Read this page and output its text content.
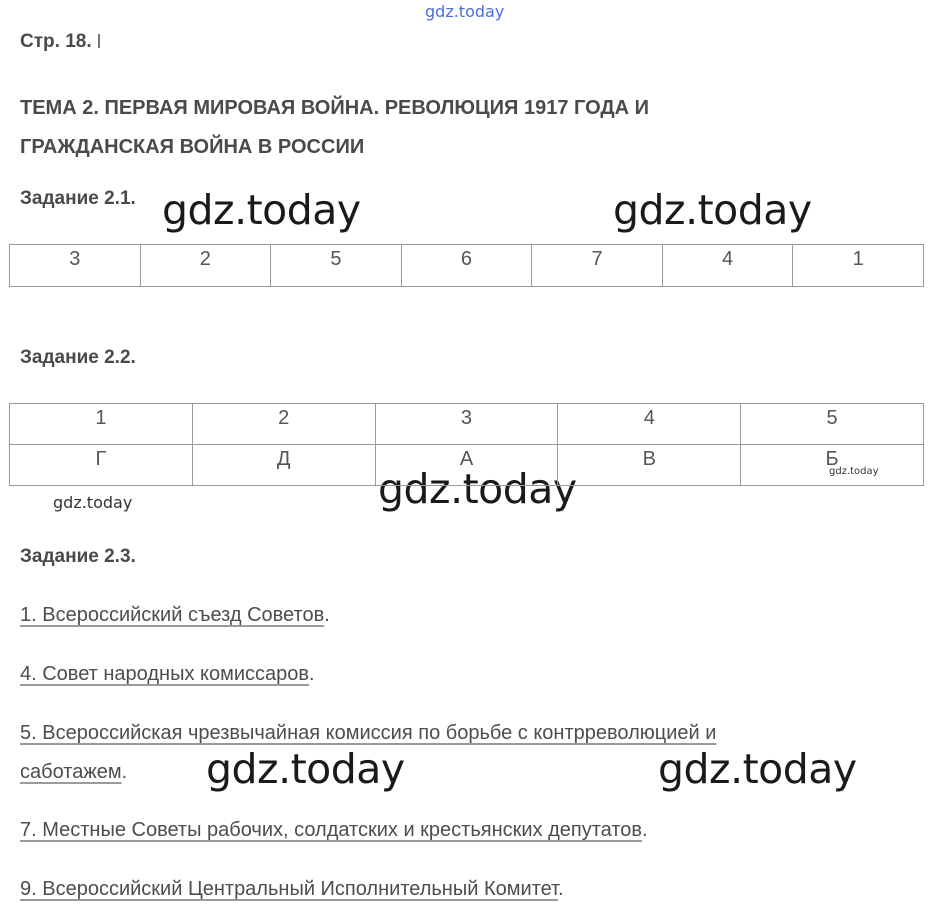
gdz.today
gdz.today	gdz.today
gdz.today
gdz.today
gdz.today
gdz.today	gdz.today
Стр. 18.
ТЕМА 2. ПЕРВАЯ МИРОВАЯ ВОЙНА. РЕВОЛЮЦИЯ 1917 ГОДА И
ГРАЖДАНСКАЯ ВОЙНА В РОССИИ
Задание 2.1.
3	2	5	6	7	4	1
Задание 2.2.
1	2	3	4	5
Г	Д	А	В	Б
Задание 2.3.
1. Всероссийский съезд Советов.
4. Совет народных комиссаров.
5. Всероссийская чрезвычайная комиссия по борьбе с контрреволюцией и
саботажем.
7. Местные Советы рабочих, солдатских и крестьянских депутатов.
9. Всероссийский Центральный Исполнительный Комитет.
